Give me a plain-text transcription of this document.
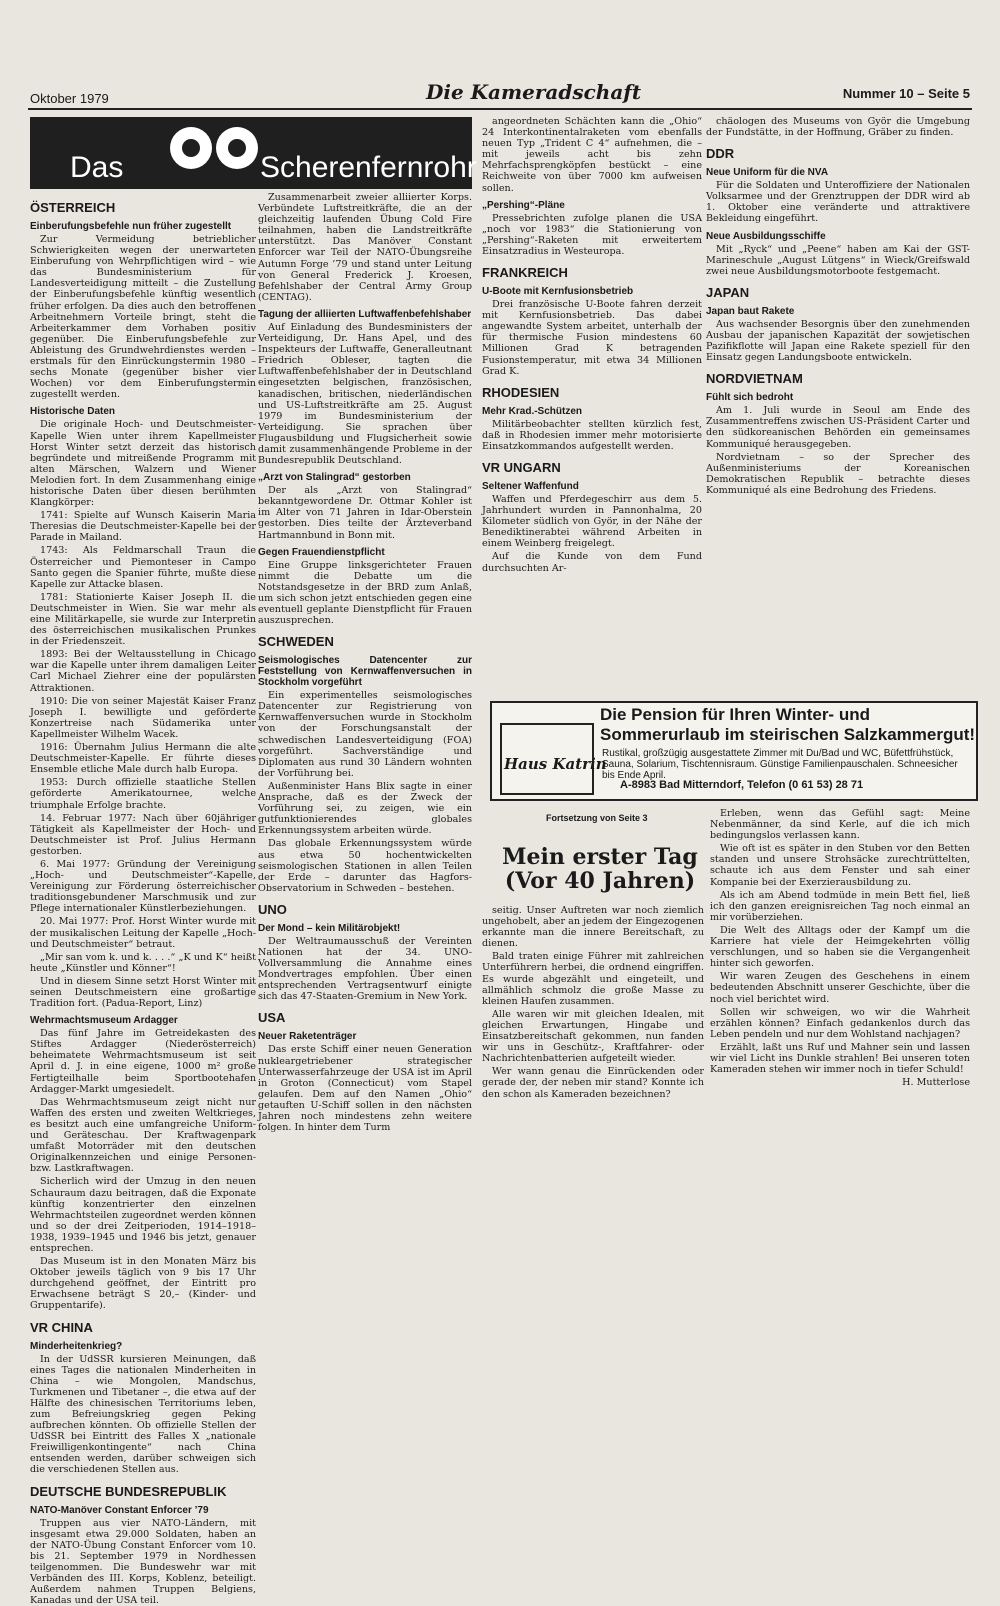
Oktober 1979	Die Kameradschaft	Nummer 10 – Seite 5
Das	Scherenfernrohr
ÖSTERREICH
Einberufungsbefehle nun früher zugestellt

Zur Vermeidung betrieblicher Schwierigkeiten wegen der unerwarteten Einberufung von Wehrpflichtigen wird – wie das Bundesministerium für Landesverteidigung mitteilt – die Zustellung der Einberufungsbefehle künftig wesentlich früher erfolgen. Da dies auch den betroffenen Arbeitnehmern Vorteile bringt, steht die Arbeiterkammer dem Vorhaben positiv gegenüber. Die Einberufungsbefehle zur Ableistung des Grundwehrdienstes werden – erstmals für den Einrückungstermin 1980 – sechs Monate (gegenüber bisher vier Wochen) vor dem Einberufungstermin zugestellt werden.

Historische Daten

Die originale Hoch- und Deutschmeister-Kapelle Wien unter ihrem Kapellmeister Horst Winter setzt derzeit das historisch begründete und mitreißende Programm mit alten Märschen, Walzern und Wiener Melodien fort. In dem Zusammenhang einige historische Daten über diesen berühmten Klangkörper:

1741: Spielte auf Wunsch Kaiserin Maria Theresias die Deutschmeister-Kapelle bei der Parade in Mailand.

1743: Als Feldmarschall Traun die Österreicher und Piemonteser in Campo Santo gegen die Spanier führte, mußte diese Kapelle zur Attacke blasen.

1781: Stationierte Kaiser Joseph II. die Deutschmeister in Wien. Sie war mehr als eine Militärkapelle, sie wurde zur Interpretin des österreichischen musikalischen Prunkes in der Friedenszeit.

1893: Bei der Weltausstellung in Chicago war die Kapelle unter ihrem damaligen Leiter Carl Michael Ziehrer eine der populärsten Attraktionen.

1910: Die von seiner Majestät Kaiser Franz Joseph I. bewilligte und geförderte Konzertreise nach Südamerika unter Kapellmeister Wilhelm Wacek.

1916: Übernahm Julius Hermann die alte Deutschmeister-Kapelle. Er führte dieses Ensemble etliche Male durch halb Europa.

1953: Durch offizielle staatliche Stellen geförderte Amerikatournee, welche triumphale Erfolge brachte.

14. Februar 1977: Nach über 60jähriger Tätigkeit als Kapellmeister der Hoch- und Deutschmeister ist Prof. Julius Hermann gestorben.

6. Mai 1977: Gründung der Vereinigung „Hoch- und Deutschmeister“-Kapelle, Vereinigung zur Förderung österreichischer traditionsgebundener Marschmusik und zur Pflege internationaler Künstlerbeziehungen.

20. Mai 1977: Prof. Horst Winter wurde mit der musikalischen Leitung der Kapelle „Hoch- und Deutschmeister“ betraut.

„Mir san vom k. und k. . . .“ „K und K“ heißt heute „Künstler und Könner“!

Und in diesem Sinne setzt Horst Winter mit seinen Deutschmeistern eine großartige Tradition fort. (Padua-Report, Linz)

Wehrmachtsmuseum Ardagger

Das fünf Jahre im Getreidekasten des Stiftes Ardagger (Niederösterreich) beheimatete Wehrmachtsmuseum ist seit April d. J. in eine eigene, 1000 m² große Fertigteilhalle beim Sportbootehafen Ardagger-Markt umgesiedelt.

Das Wehrmachtsmuseum zeigt nicht nur Waffen des ersten und zweiten Weltkrieges, es besitzt auch eine umfangreiche Uniform- und Geräteschau. Der Kraftwagenpark umfaßt Motorräder mit den deutschen Originalkennzeichen und einige Personen- bzw. Lastkraftwagen.

Sicherlich wird der Umzug in den neuen Schauraum dazu beitragen, daß die Exponate künftig konzentrierter den einzelnen Wehrmachtsteilen zugeordnet werden können und so der drei Zeitperioden, 1914–1918–1938, 1939–1945 und 1946 bis jetzt, genauer entsprechen.

Das Museum ist in den Monaten März bis Oktober jeweils täglich von 9 bis 17 Uhr durchgehend geöffnet, der Eintritt pro Erwachsene beträgt S 20,– (Kinder- und Gruppentarife).

VR CHINA
Minderheitenkrieg?

In der UdSSR kursieren Meinungen, daß eines Tages die nationalen Minderheiten in China – wie Mongolen, Mandschus, Turkmenen und Tibetaner –, die etwa auf der Hälfte des chinesischen Territoriums leben, zum Befreiungskrieg gegen Peking aufbrechen könnten. Ob offizielle Stellen der UdSSR bei Eintritt des Falles X „nationale Freiwilligenkontingente“ nach China entsenden werden, darüber schweigen sich die verschiedenen Stellen aus.

DEUTSCHE BUNDESREPUBLIK
NATO-Manöver Constant Enforcer ’79

Truppen aus vier NATO-Ländern, mit insgesamt etwa 29.000 Soldaten, haben an der NATO-Übung Constant Enforcer vom 10. bis 21. September 1979 in Nordhessen teilgenommen. Die Bundeswehr war mit Verbänden des III. Korps, Koblenz, beteiligt. Außerdem nahmen Truppen Belgiens, Kanadas und der USA teil.

Zusammenarbeit zweier alliierter Korps. Verbündete Luftstreitkräfte, die an der gleichzeitig laufenden Übung Cold Fire teilnahmen, haben die Landstreitkräfte unterstützt. Das Manöver Constant Enforcer war Teil der NATO-Übungsreihe Autumn Forge ’79 und stand unter Leitung von General Frederick J. Kroesen, Befehlshaber der Central Army Group (CENTAG).

Tagung der alliierten Luftwaffenbefehlshaber

Auf Einladung des Bundesministers der Verteidigung, Dr. Hans Apel, und des Inspekteurs der Luftwaffe, Generalleutnant Friedrich Obleser, tagten die Luftwaffenbefehlshaber der in Deutschland eingesetzten belgischen, französischen, kanadischen, britischen, niederländischen und US-Luftstreitkräfte am 25. August 1979 im Bundesministerium der Verteidigung. Sie sprachen über Flugausbildung und Flugsicherheit sowie damit zusammenhängende Probleme in der Bundesrepublik Deutschland.

„Arzt von Stalingrad“ gestorben

Der als „Arzt von Stalingrad“ bekanntgewordene Dr. Ottmar Kohler ist im Alter von 71 Jahren in Idar-Oberstein gestorben. Dies teilte der Ärzteverband Hartmannbund in Bonn mit.

Gegen Frauendienstpflicht

Eine Gruppe linksgerichteter Frauen nimmt die Debatte um die Notstandsgesetze in der BRD zum Anlaß, um sich schon jetzt entschieden gegen eine eventuell geplante Dienstpflicht für Frauen auszusprechen.

SCHWEDEN
Seismologisches Datencenter zur Feststellung von Kernwaffenversuchen in Stockholm vorgeführt

Ein experimentelles seismologisches Datencenter zur Registrierung von Kernwaffenversuchen wurde in Stockholm von der Forschungsanstalt der schwedischen Landesverteidigung (FOA) vorgeführt. Sachverständige und Diplomaten aus rund 30 Ländern wohnten der Vorführung bei.

Außenminister Hans Blix sagte in einer Ansprache, daß es der Zweck der Vorführung sei, zu zeigen, wie ein gutfunktionierendes globales Erkennungssystem arbeiten würde.

Das globale Erkennungssystem würde aus etwa 50 hochentwickelten seismologischen Stationen in allen Teilen der Erde – darunter das Hagfors-Observatorium in Schweden – bestehen.

UNO
Der Mond – kein Militärobjekt!

Der Weltraumausschuß der Vereinten Nationen hat der 34. UNO-Vollversammlung die Annahme eines Mondvertrages empfohlen. Über einen entsprechenden Vertragsentwurf einigte sich das 47-Staaten-Gremium in New York.

USA
Neuer Raketenträger

Das erste Schiff einer neuen Generation nukleargetriebener strategischer Unterwasserfahrzeuge der USA ist im April in Groton (Connecticut) vom Stapel gelaufen. Dem auf den Namen „Ohio“ getauften U-Schiff sollen in den nächsten Jahren noch mindestens zehn weitere folgen. In hinter dem Turm

angeordneten Schächten kann die „Ohio“ 24 Interkontinentalraketen vom ebenfalls neuen Typ „Trident C 4“ aufnehmen, die – mit jeweils acht bis zehn Mehrfachsprengköpfen bestückt – eine Reichweite von über 7000 km aufweisen sollen.

„Pershing“-Pläne

Pressebrichten zufolge planen die USA „noch vor 1983“ die Stationierung von „Pershing“-Raketen mit erweitertem Einsatzradius in Westeuropa.

FRANKREICH
U-Boote mit Kernfusionsbetrieb

Drei französische U-Boote fahren derzeit mit Kernfusionsbetrieb. Das dabei angewandte System arbeitet, unterhalb der für thermische Fusion mindestens 60 Millionen Grad K betragenden Fusionstemperatur, mit etwa 34 Millionen Grad K.

RHODESIEN
Mehr Krad.-Schützen

Militärbeobachter stellten kürzlich fest, daß in Rhodesien immer mehr motorisierte Einsatzkommandos aufgestellt werden.

VR UNGARN
Seltener Waffenfund

Waffen und Pferdegeschirr aus dem 5. Jahrhundert wurden in Pannonhalma, 20 Kilometer südlich von Györ, in der Nähe der Benediktinerabtei während Arbeiten in einem Weinberg freigelegt.

Auf die Kunde von dem Fund durchsuchten Ar-

chäologen des Museums von Györ die Umgebung der Fundstätte, in der Hoffnung, Gräber zu finden.

DDR
Neue Uniform für die NVA

Für die Soldaten und Unteroffiziere der Nationalen Volksarmee und der Grenztruppen der DDR wird ab 1. Oktober eine veränderte und attraktivere Bekleidung eingeführt.

Neue Ausbildungsschiffe

Mit „Ryck“ und „Peene“ haben am Kai der GST-Marineschule „August Lütgens“ in Wieck/Greifswald zwei neue Ausbildungsmotorboote festgemacht.

JAPAN
Japan baut Rakete

Aus wachsender Besorgnis über den zunehmenden Ausbau der japanischen Kapazität der sowjetischen Pazifikflotte will Japan eine Rakete speziell für den Einsatz gegen Landungsboote entwickeln.

NORDVIETNAM
Fühlt sich bedroht

Am 1. Juli wurde in Seoul am Ende des Zusammentreffens zwischen US-Präsident Carter und den südkoreanischen Behörden ein gemeinsames Kommuniqué herausgegeben.

Nordvietnam – so der Sprecher des Außenministeriums der Koreanischen Demokratischen Republik – betrachte dieses Kommuniqué als eine Bedrohung des Friedens.

Haus Katrin
Die Pension für Ihren Winter- und Sommerurlaub im steirischen Salzkammergut!
Rustikal, großzügig ausgestattete Zimmer mit Du/Bad und WC, Büfettfrühstück, Sauna, Solarium, Tischtennisraum. Günstige Familienpauschalen. Schneesicher bis Ende April.
A-8983 Bad Mitterndorf, Telefon (0 61 53) 28 71
Fortsetzung von Seite 3
Mein erster Tag (Vor 40 Jahren)

seitig. Unser Auftreten war noch ziemlich ungehobelt, aber an jedem der Eingezogenen erkannte man die innere Bereitschaft, zu dienen.

Bald traten einige Führer mit zahlreichen Unterführern herbei, die ordnend eingriffen. Es wurde abgezählt und eingeteilt, und allmählich schmolz die große Masse zu kleinen Haufen zusammen.

Alle waren wir mit gleichen Idealen, mit gleichen Erwartungen, Hingabe und Einsatzbereitschaft gekommen, nun fanden wir uns in Geschütz-, Kraftfahrer- oder Nachrichtenbatterien aufgeteilt wieder.

Wer wann genau die Einrückenden oder gerade der, der neben mir stand? Konnte ich den schon als Kameraden bezeichnen?

Erleben, wenn das Gefühl sagt: Meine Nebenmänner, da sind Kerle, auf die ich mich bedingungslos verlassen kann.

Wie oft ist es später in den Stuben vor den Betten standen und unsere Strohsäcke zurechtrüttelten, schaute ich aus dem Fenster und sah einer Kompanie bei der Exerzierausbildung zu.

Als ich am Abend todmüde in mein Bett fiel, ließ ich den ganzen ereignisreichen Tag noch einmal an mir vorüberziehen.

Die Welt des Alltags oder der Kampf um die Karriere hat viele der Heimgekehrten völlig verschlungen, und so haben sie die Vergangenheit hinter sich geworfen.

Wir waren Zeugen des Geschehens in einem bedeutenden Abschnitt unserer Geschichte, über die noch viel berichtet wird.

Sollen wir schweigen, wo wir die Wahrheit erzählen können? Einfach gedankenlos durch das Leben pendeln und nur dem Wohlstand nachjagen?

Erzählt, laßt uns Ruf und Mahner sein und lassen wir viel Licht ins Dunkle strahlen! Bei unseren toten Kameraden stehen wir immer noch in tiefer Schuld!

H. Mutterlose
